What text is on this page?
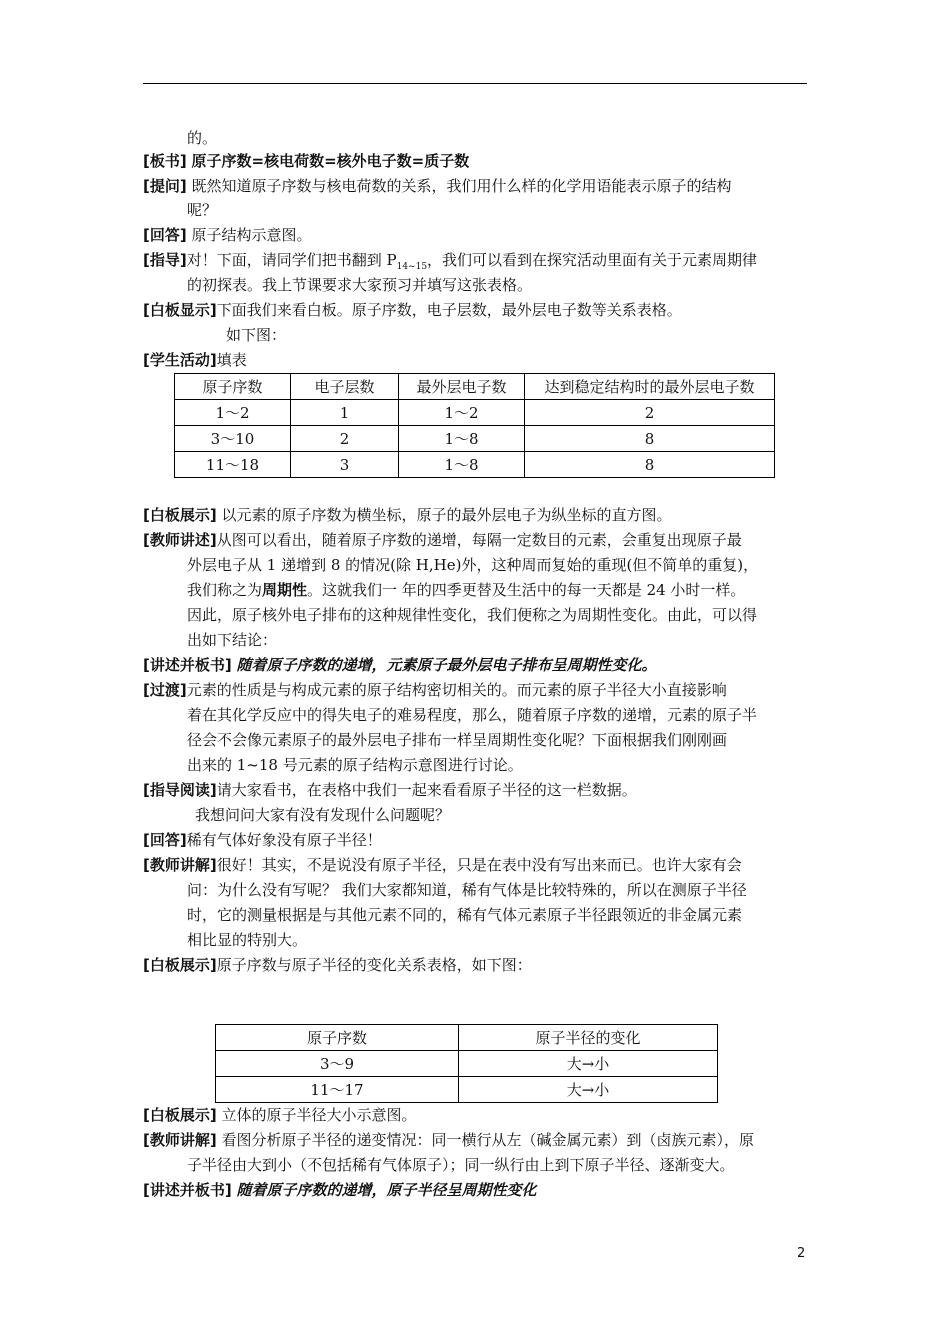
的。
[板书] 原子序数=核电荷数=核外电子数=质子数
[提问] 既然知道原子序数与核电荷数的关系，我们用什么样的化学用语能表示原子的结构
呢？
[回答] 原子结构示意图。
[指导]对！下面，请同学们把书翻到 $P_{14\sim 15}$，我们可以看到在探究活动里面有关于元素周期律
的初探表。我上节课要求大家预习并填写这张表格。
[白板显示]下面我们来看白板。原子序数，电子层数，最外层电子数等关系表格。
如下图：
[学生活动]填表
原子序数	电子层数	最外层电子数	达到稳定结构时的最外层电子数
1～2	1	1～2	2
3～10	2	1～8	8
11～18	3	1～8	8
[白板展示] 以元素的原子序数为横坐标，原子的最外层电子为纵坐标的直方图。
[教师讲述]从图可以看出，随着原子序数的递增，每隔一定数目的元素，会重复出现原子最
外层电子从 1 递增到 8 的情况(除 H,He)外，这种周而复始的重现(但不简单的重复)，
我们称之为周期性。这就我们一 年的四季更替及生活中的每一天都是 24 小时一样。
因此，原子核外电子排布的这种规律性变化，我们便称之为周期性变化。由此，可以得
出如下结论：
[讲述并板书] 随着原子序数的递增，元素原子最外层电子排布呈周期性变化。
[过渡]元素的性质是与构成元素的原子结构密切相关的。而元素的原子半径大小直接影响
着在其化学反应中的得失电子的难易程度，那么，随着原子序数的递增，元素的原子半
径会不会像元素原子的最外层电子排布一样呈周期性变化呢？下面根据我们刚刚画
出来的 1~18 号元素的原子结构示意图进行讨论。
[指导阅读]请大家看书，在表格中我们一起来看看原子半径的这一栏数据。
我想问问大家有没有发现什么问题呢？
[回答]稀有气体好象没有原子半径！
[教师讲解]很好！其实，不是说没有原子半径，只是在表中没有写出来而已。也许大家有会
问：为什么没有写呢？ 我们大家都知道，稀有气体是比较特殊的，所以在测原子半径
时，它的测量根据是与其他元素不同的，稀有气体元素原子半径跟领近的非金属元素
相比显的特别大。
[白板展示]原子序数与原子半径的变化关系表格，如下图：
原子序数	原子半径的变化
3～9	大→小
11～17	大→小
[白板展示] 立体的原子半径大小示意图。
[教师讲解] 看图分析原子半径的递变情况：同一横行从左（碱金属元素）到（卤族元素），原
子半径由大到小（不包括稀有气体原子）；同一纵行由上到下原子半径、逐渐变大。
[讲述并板书] 随着原子序数的递增，原子半径呈周期性变化
2
